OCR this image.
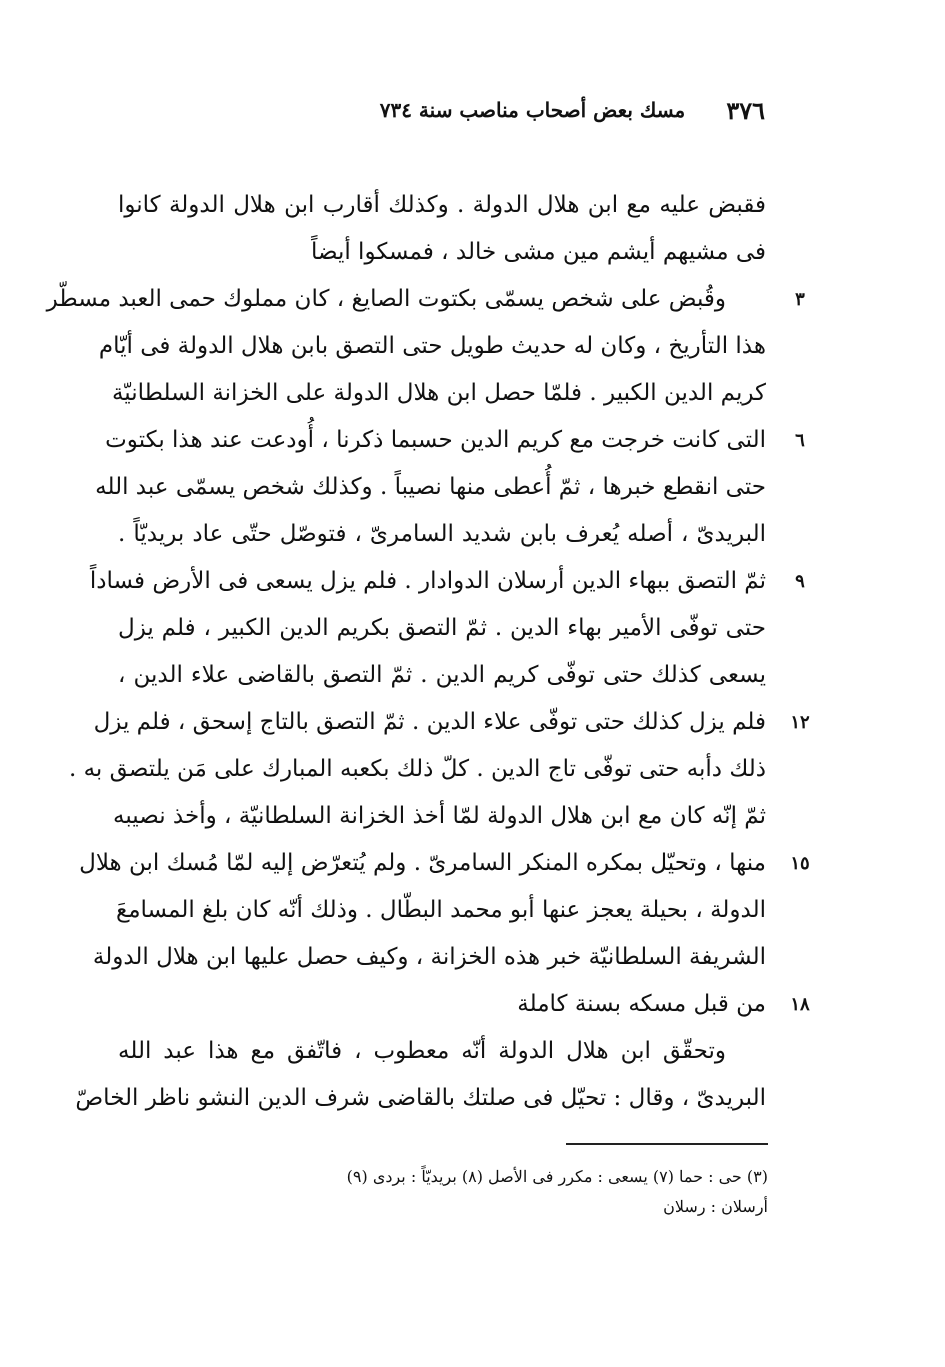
مسك بعض أصحاب مناصب سنة ٧٣٤	٣٧٦
فقبض عليه مع ابن هلال الدولة . وكذلك أقارب ابن هلال الدولة كانوا
فى مشيهم أيشم مين مشى خالد ، فمسكوا أيضاً
وقُبض على شخص يسمّى بكتوت الصايغ ، كان مملوك حمى العبد مسطّر
هذا التأريخ ، وكان له حديث طويل حتى التصق بابن هلال الدولة فى أيّام
كريم الدين الكبير . فلمّا حصل ابن هلال الدولة على الخزانة السلطانيّة
التى كانت خرجت مع كريم الدين حسبما ذكرنا ، أُودعت عند هذا بكتوت
حتى انقطع خبرها ، ثمّ أُعطى منها نصيباً . وكذلك شخص يسمّى عبد الله
البريدىّ ، أصله يُعرف بابن شديد السامرىّ ، فتوصّل حتّى عاد بريديّاً .
ثمّ التصق ببهاء الدين أرسلان الدوادار . فلم يزل يسعى فى الأرض فساداً
حتى توفّى الأمير بهاء الدين . ثمّ التصق بكريم الدين الكبير ، فلم يزل
يسعى كذلك حتى توفّى كريم الدين . ثمّ التصق بالقاضى علاء الدين ،
فلم يزل كذلك حتى توفّى علاء الدين . ثمّ التصق بالتاج إسحق ، فلم يزل
ذلك دأبه حتى توفّى تاج الدين . كلّ ذلك بكعبه المبارك على مَن يلتصق به .
ثمّ إنّه كان مع ابن هلال الدولة لمّا أخذ الخزانة السلطانيّة ، وأخذ نصيبه
منها ، وتحيّل بمكره المنكر السامرىّ . ولم يُتعرّض إليه لمّا مُسك ابن هلال
الدولة ، بحيلة يعجز عنها أبو محمد البطّال . وذلك أنّه كان بلغ المسامعَ
الشريفة السلطانيّة خبر هذه الخزانة ، وكيف حصل عليها ابن هلال الدولة
من قبل مسكه بسنة كاملة
وتحقّق ابن هلال الدولة أنّه معطوب ، فاتّفق مع هذا عبد الله
البريدىّ ، وقال : تحيّل فى صلتك بالقاضى شرف الدين النشو ناظر الخاصّ
٣
٦
٩
١٢
١٥
١٨
(٣) حى : حما (٧) يسعى : مكرر فى الأصل (٨) بريديّاً : بردى (٩)
أرسلان : رسلان
